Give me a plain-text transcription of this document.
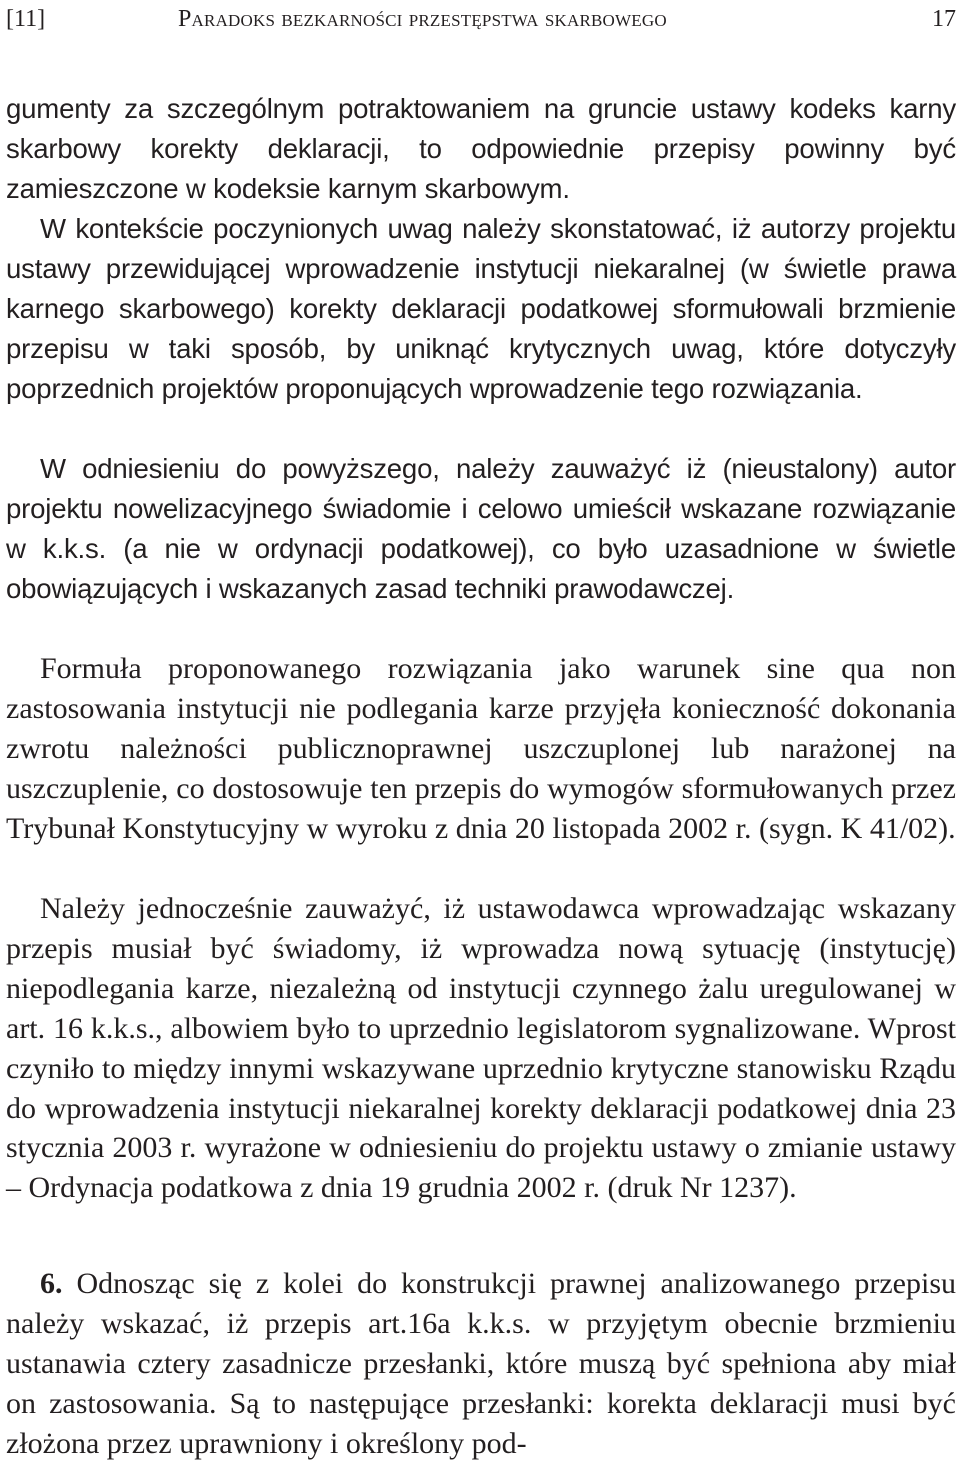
[11]	Paradoks bezkarności przestępstwa skarbowego	17

gumenty za szczególnym potraktowaniem na gruncie ustawy kodeks karny skarbowy korekty deklaracji, to odpowiednie przepisy powinny być zamieszczone w kodeksie karnym skarbowym.

W kontekście poczynionych uwag należy skonstatować, iż autorzy projektu ustawy przewidującej wprowadzenie instytucji niekaralnej (w świetle prawa karnego skarbowego) korekty deklaracji podatkowej sformułowali brzmienie przepisu w taki sposób, by uniknąć krytycznych uwag, które dotyczyły poprzednich projektów proponujących wprowadzenie tego rozwiązania.

W odniesieniu do powyższego, należy zauważyć iż (nieustalony) autor projektu nowelizacyjnego świadomie i celowo umieścił wskazane rozwiązanie w k.k.s. (a nie w ordynacji podatkowej), co było uzasadnione w świetle obowiązujących i wskazanych zasad techniki prawodawczej.

Formuła proponowanego rozwiązania jako warunek sine qua non zastosowania instytucji nie podlegania karze przyjęła konieczność dokonania zwrotu należności publicznoprawnej uszczuplonej lub narażonej na uszczuplenie, co dostosowuje ten przepis do wymogów sformułowanych przez Trybunał Konstytucyjny w wyroku z dnia 20 listopada 2002 r. (sygn. K 41/02).

Należy jednocześnie zauważyć, iż ustawodawca wprowadzając wskazany przepis musiał być świadomy, iż wprowadza nową sytuację (instytucję) niepodlegania karze, niezależną od instytucji czynnego żalu uregulowanej w art. 16 k.k.s., albowiem było to uprzednio legislatorom sygnalizowane. Wprost czyniło to między innymi wskazywane uprzednio krytyczne stanowisku Rządu do wprowadzenia instytucji niekaralnej korekty deklaracji podatkowej dnia 23 stycznia 2003 r. wyrażone w odniesieniu do projektu ustawy o zmianie ustawy – Ordynacja podatkowa z dnia 19 grudnia 2002 r. (druk Nr 1237).

6. Odnosząc się z kolei do konstrukcji prawnej analizowanego przepisu należy wskazać, iż przepis art.16a k.k.s. w przyjętym obecnie brzmieniu ustanawia cztery zasadnicze przesłanki, które muszą być spełniona aby miał on zastosowania. Są to następujące przesłanki: korekta deklaracji musi być złożona przez uprawniony i określony pod-
